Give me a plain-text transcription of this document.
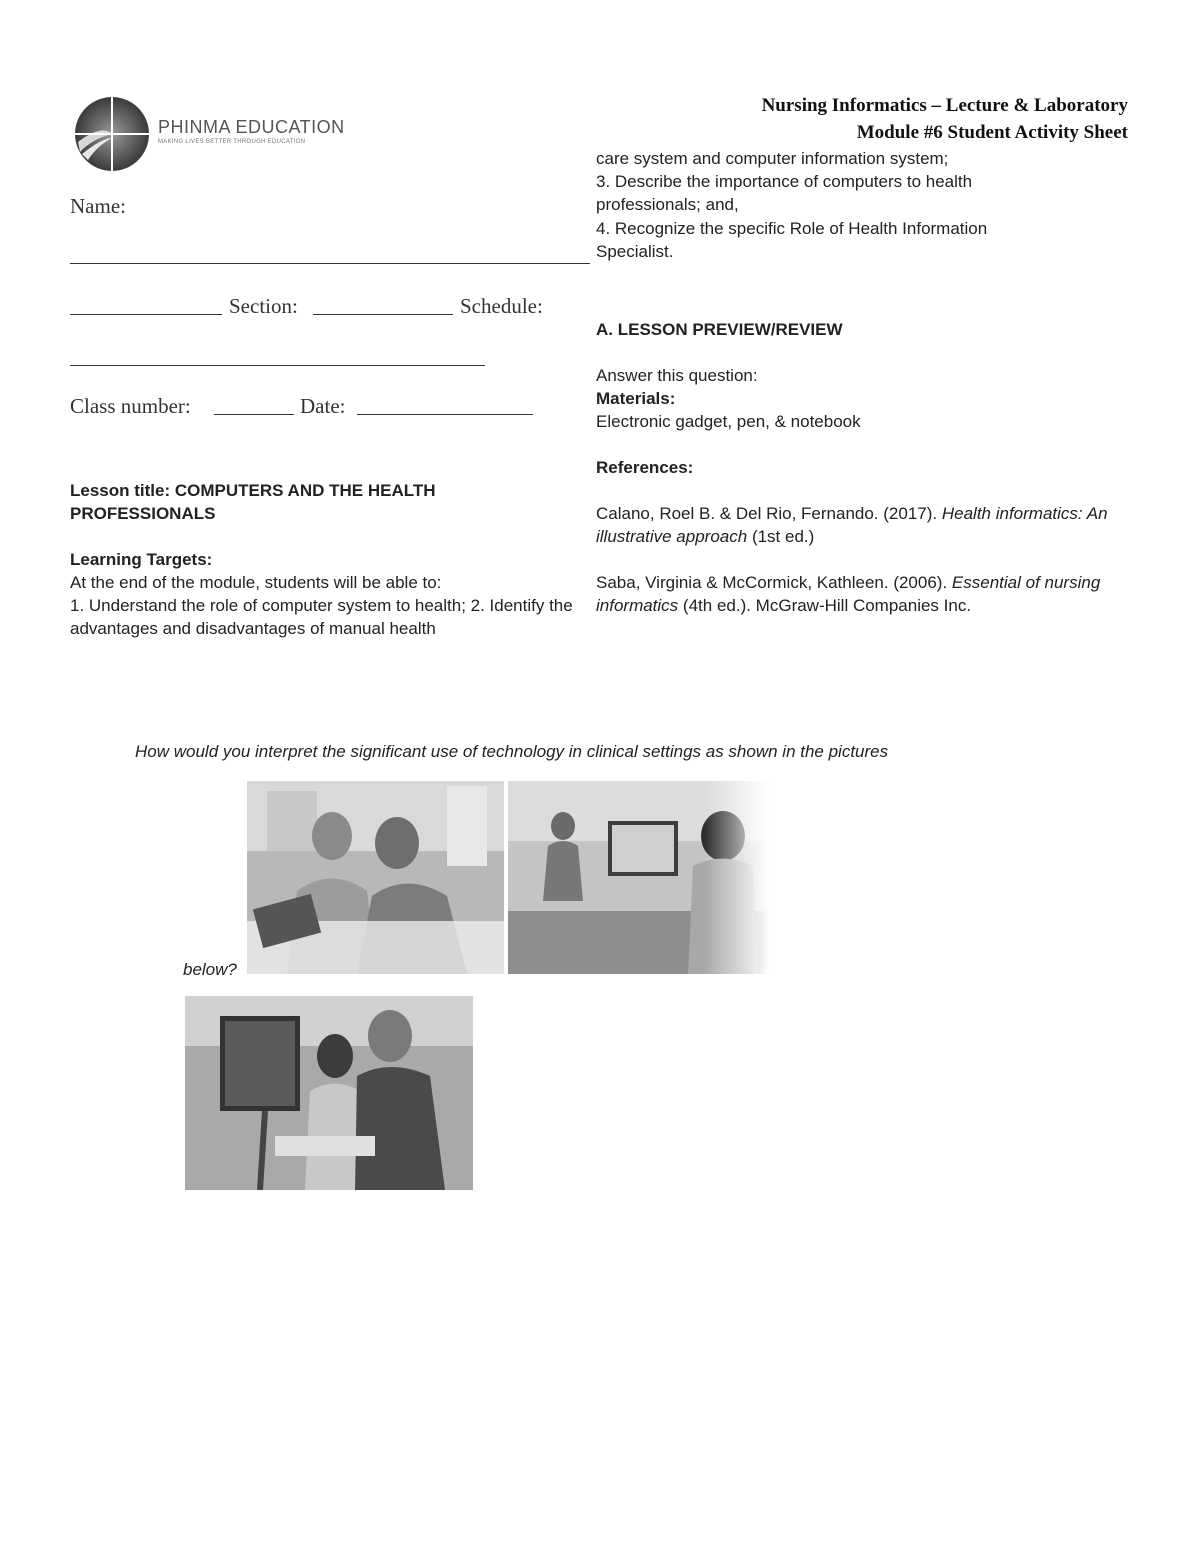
PHINMA EDUCATION
MAKING LIVES BETTER THROUGH EDUCATION
Nursing Informatics – Lecture & Laboratory
Module #6 Student Activity Sheet
Name:
Section:	Schedule:
Class number:	Date:
Lesson title: COMPUTERS AND THE HEALTH PROFESSIONALS
Learning Targets:
At the end of the module, students will be able to:
1. Understand the role of computer system to health; 2. Identify the advantages and disadvantages of manual health
care system and computer information system;
3. Describe the importance of computers to health professionals; and,
4. Recognize the specific Role of Health Information Specialist.
A. LESSON PREVIEW/REVIEW
Answer this question:
Materials:
Electronic gadget, pen, & notebook
References:
Calano, Roel B. & Del Rio, Fernando. (2017). Health informatics: An illustrative approach (1st ed.)
Saba, Virginia & McCormick, Kathleen. (2006). Essential of nursing informatics (4th ed.). McGraw-Hill Companies Inc.
How would you interpret the significant use of technology in clinical settings as shown in the pictures
below?
